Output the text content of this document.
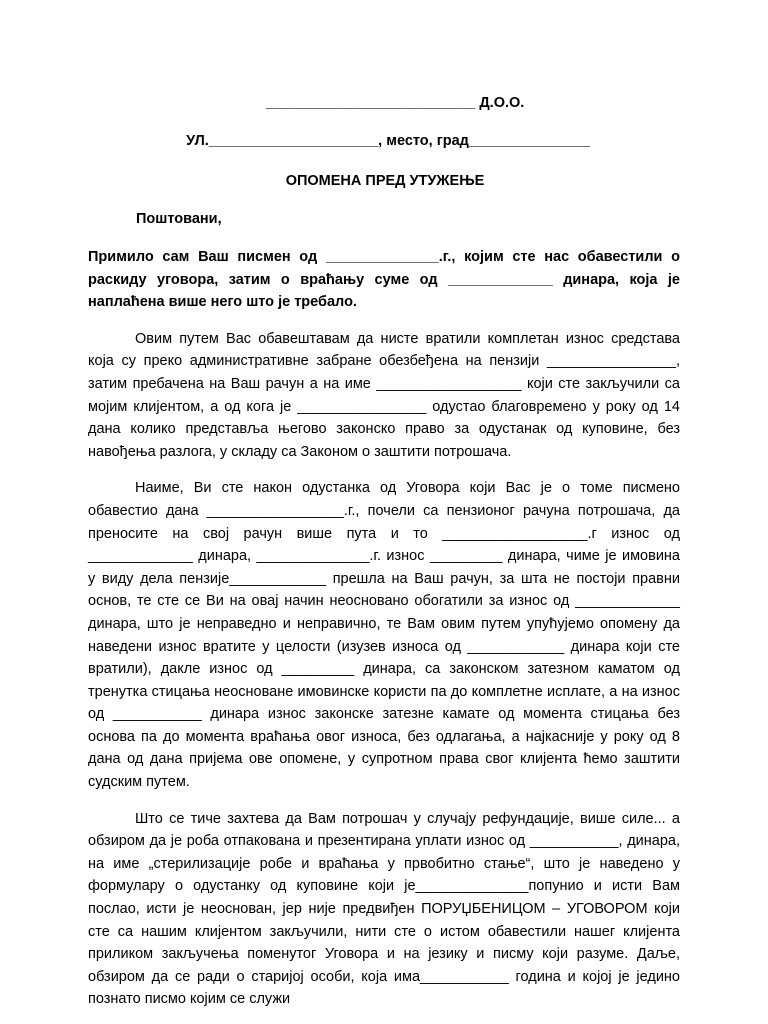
__________________________ Д.О.О.
УЛ._____________________, место, град_______________
ОПОМЕНА ПРЕД УТУЖЕЊЕ
Поштовани,

Примило сам Ваш писмен од ______________.г., којим сте нас обавестили о раскиду уговора, затим о враћању суме од _____________ динара, која је наплаћена више него што је требало.

Овим путем Вас обавештавам да нисте вратили комплетан износ средстава која су преко административне забране обезбеђена на пензији ________________, затим пребачена на Ваш рачун а на име __________________ који сте закључили са мојим клијентом, а од кога је ________________ одустао благовремено у року од 14 дана колико представља његово законско право за одустанак од куповине, без навођења разлога, у складу са Законом о заштити потрошача.

Наиме, Ви сте након одустанка од Уговора који Вас је о томе писмено обавестио дана _________________.г., почели са пензионог рачуна потрошача, да преносите на свој рачун више пута и то __________________.г износ од _____________ динара, ______________.г. износ _________ динара, чиме је имовина у виду дела пензије____________ прешла на Ваш рачун, за шта не постоји правни основ, те сте се Ви на овај начин неосновано обогатили за износ од _____________ динара, што је неправедно и неправично, те Вам овим путем упућујемо опомену да наведени износ вратите у целости (изузев износа од ____________ динара који сте вратили), дакле износ од _________ динара, са законском затезном каматом од тренутка стицања неосноване имовинске користи па до комплетне исплате, а на износ од ___________ динара износ законске затезне камате од момента стицања без основа па до момента враћања овог износа, без одлагања, а најкасније у року од 8 дана од дана пријема ове опомене, у супротном права свог клијента ћемо заштити судским путем.

Што се тиче захтева да Вам потрошач у случају рефундације, више силе... а обзиром да је роба отпакована и презентирана уплати износ од ___________, динара, на име „стерилизације робе и враћања у првобитно стање“, што је наведено у формулару о одустанку од куповине који је______________попунио и исти Вам послао, исти је неоснован, јер није предвиђен ПОРУЏБЕНИЦОМ – УГОВОРОМ који сте са нашим клијентом закључили, нити сте о истом обавестили нашег клијента приликом закључења поменутог Уговора и на језику и писму који разуме. Даље, обзиром да се ради о старијој особи, која има___________ година и којој је једино познато писмо којим се служи
